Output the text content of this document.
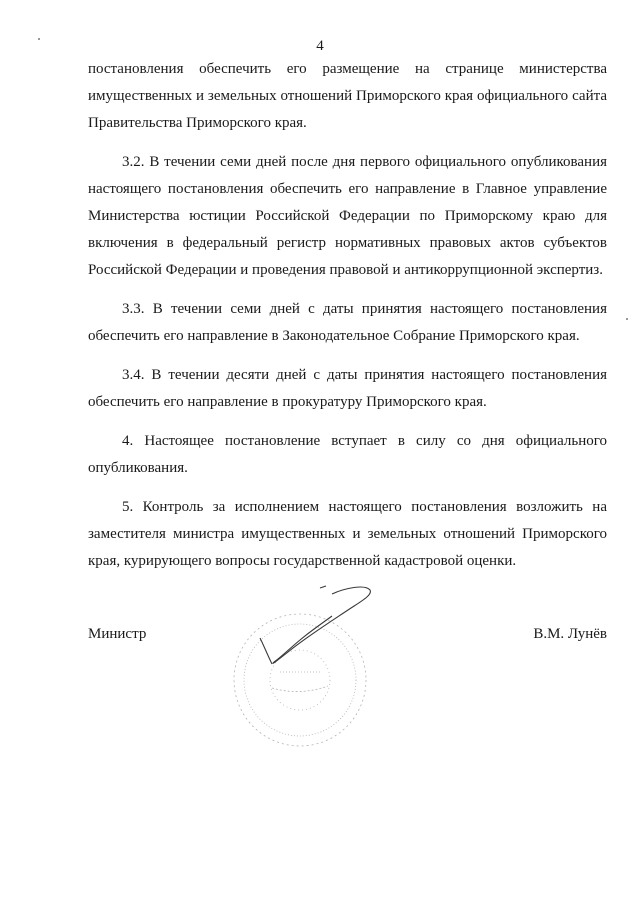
4

постановления обеспечить его размещение на странице министерства имущественных и земельных отношений Приморского края официального сайта Правительства Приморского края.

3.2. В течении семи дней после дня первого официального опубликования настоящего постановления обеспечить его направление в Главное управление Министерства юстиции Российской Федерации по Приморскому краю для включения в федеральный регистр нормативных правовых актов субъектов Российской Федерации и проведения правовой и антикоррупционной экспертиз.

3.3. В течении семи дней с даты принятия настоящего постановления обеспечить его направление в Законодательное Собрание Приморского края.

3.4. В течении десяти дней с даты принятия настоящего постановления обеспечить его направление в прокуратуру Приморского края.

4. Настоящее постановление вступает в силу со дня официального опубликования.

5. Контроль за исполнением настоящего постановления возложить на заместителя министра имущественных и земельных отношений Приморского края, курирующего вопросы государственной кадастровой оценки.

Министр	В.М. Лунёв
